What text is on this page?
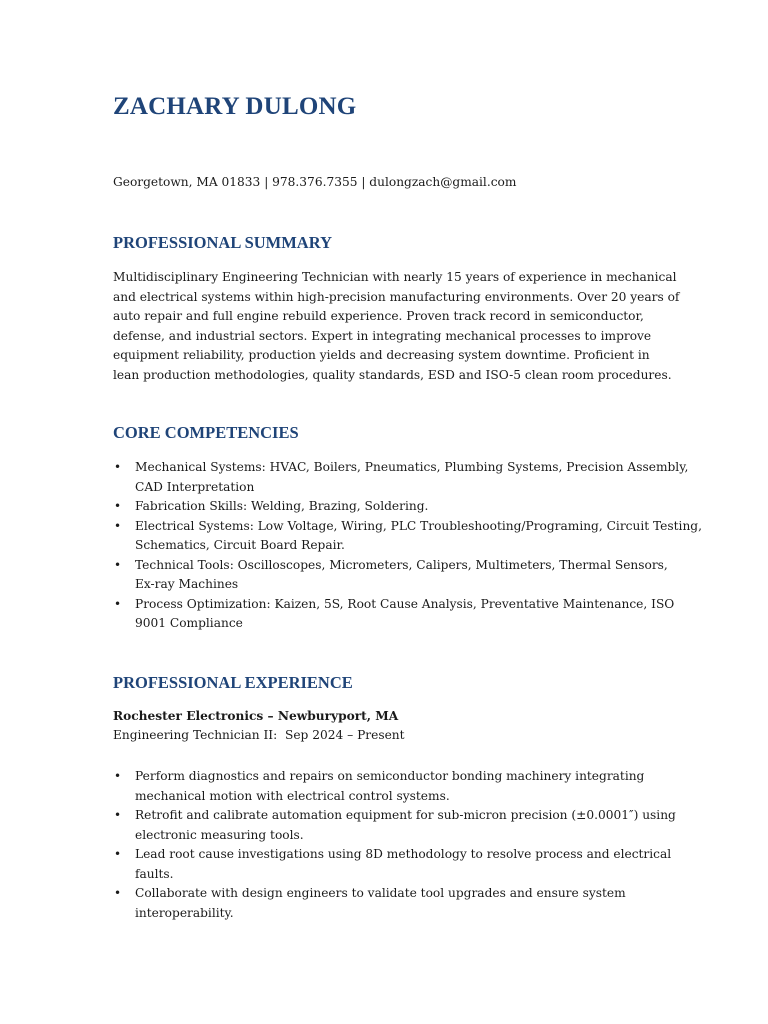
ZACHARY DULONG
Georgetown, MA 01833 | 978.376.7355 | dulongzach@gmail.com
PROFESSIONAL SUMMARY

Multidisciplinary Engineering Technician with nearly 15 years of experience in mechanical
and electrical systems within high-precision manufacturing environments. Over 20 years of
auto repair and full engine rebuild experience. Proven track record in semiconductor,
defense, and industrial sectors. Expert in integrating mechanical processes to improve
equipment reliability, production yields and decreasing system downtime. Proficient in
lean production methodologies, quality standards, ESD and ISO-5 clean room procedures.

CORE COMPETENCIES
• Mechanical Systems: HVAC, Boilers, Pneumatics, Plumbing Systems, Precision Assembly,
CAD Interpretation
• Fabrication Skills: Welding, Brazing, Soldering.
• Electrical Systems: Low Voltage, Wiring, PLC Troubleshooting/Programing, Circuit Testing,
Schematics, Circuit Board Repair.
• Technical Tools: Oscilloscopes, Micrometers, Calipers, Multimeters, Thermal Sensors,
Ex-ray Machines
• Process Optimization: Kaizen, 5S, Root Cause Analysis, Preventative Maintenance, ISO
9001 Compliance
PROFESSIONAL EXPERIENCE
Rochester Electronics – Newburyport, MA
Engineering Technician II:  Sep 2024 – Present
• Perform diagnostics and repairs on semiconductor bonding machinery integrating
mechanical motion with electrical control systems.
• Retrofit and calibrate automation equipment for sub-micron precision (±0.0001″) using
electronic measuring tools.
• Lead root cause investigations using 8D methodology to resolve process and electrical
faults.
• Collaborate with design engineers to validate tool upgrades and ensure system
interoperability.
